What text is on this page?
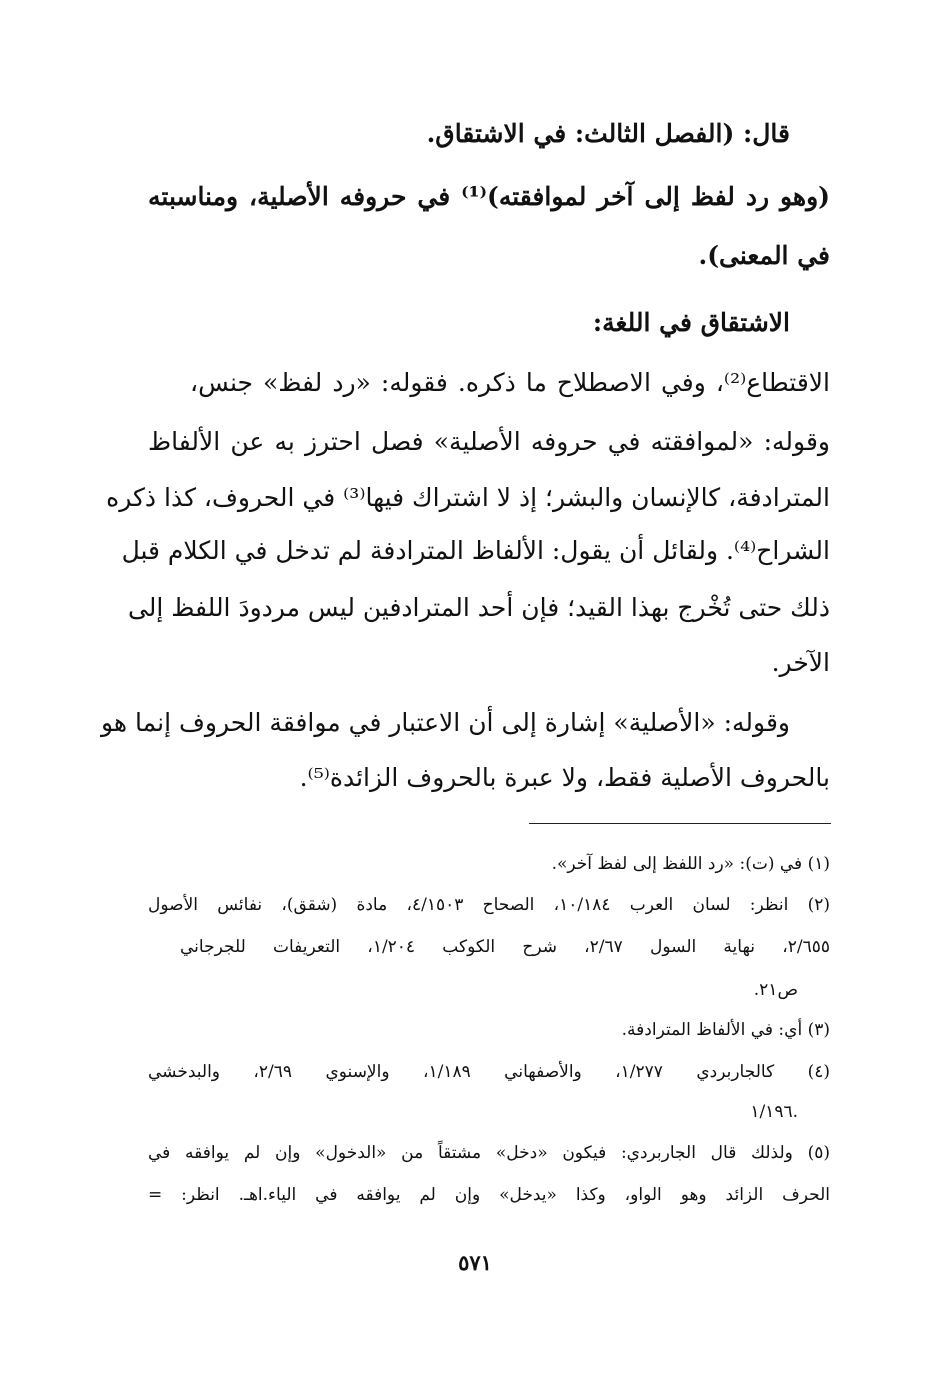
قال: (الفصل الثالث: في الاشتقاق.
(وهو رد لفظ إلى آخر لموافقته)⁽¹⁾ في حروفه الأصلية، ومناسبته
في المعنى).
الاشتقاق في اللغة:
الاقتطاع⁽²⁾، وفي الاصطلاح ما ذكره. فقوله: «رد لفظ» جنس،
وقوله: «لموافقته في حروفه الأصلية» فصل احترز به عن الألفاظ
المترادفة، كالإنسان والبشر؛ إذ لا اشتراك فيها⁽³⁾ في الحروف، كذا ذكره
الشراح⁽⁴⁾. ولقائل أن يقول: الألفاظ المترادفة لم تدخل في الكلام قبل
ذلك حتى تُخْرج بهذا القيد؛ فإن أحد المترادفين ليس مردودَ اللفظ إلى
الآخر.
وقوله: «الأصلية» إشارة إلى أن الاعتبار في موافقة الحروف إنما هو
بالحروف الأصلية فقط، ولا عبرة بالحروف الزائدة⁽⁵⁾.
(١) في (ت): «رد اللفظ إلى لفظ آخر».
(٢) انظر: لسان العرب ١٠/١٨٤، الصحاح ٤/١٥٠٣، مادة (شقق)، نفائس الأصول
٢/٦٥٥، نهاية السول ٢/٦٧، شرح الكوكب ١/٢٠٤، التعريفات للجرجاني
ص٢١.
(٣) أي: في الألفاظ المترادفة.
(٤) كالجاربردي ١/٢٧٧، والأصفهاني ١/١٨٩، والإسنوي ٢/٦٩، والبدخشي
١/١٩٦.
(٥) ولذلك قال الجاربردي: فيكون «دخل» مشتقاً من «الدخول» وإن لم يوافقه في
الحرف الزائد وهو الواو، وكذا «يدخل» وإن لم يوافقه في الياء.اهـ. انظر: =
٥٧١
